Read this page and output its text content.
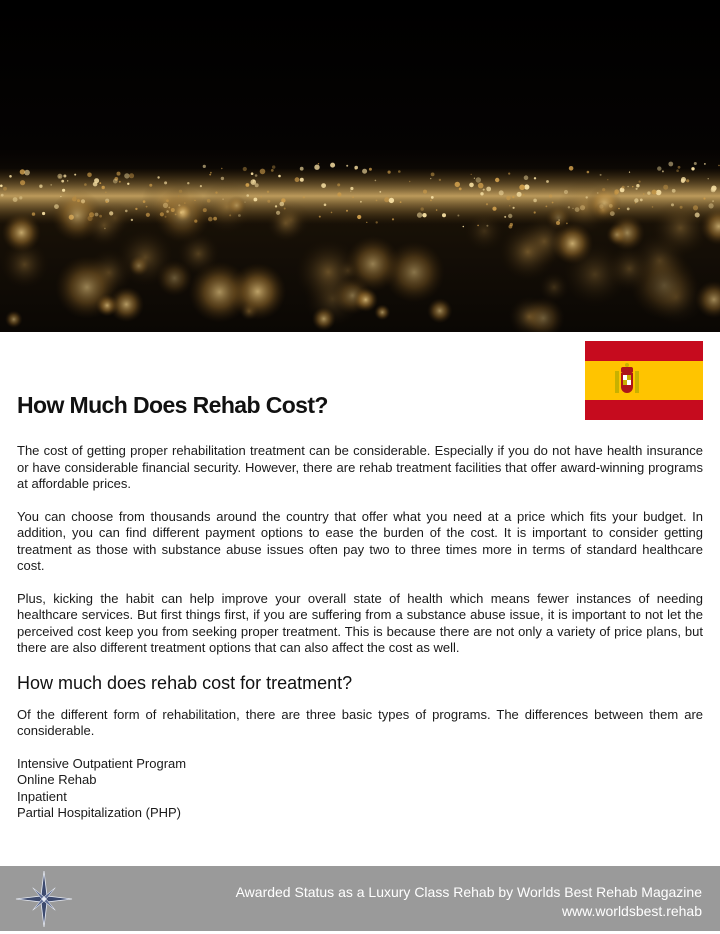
How Much Does Rehab Cost?

The cost of getting proper rehabilitation treatment can be considerable. Especially if you do not have health insurance or have considerable financial security. However, there are rehab treatment facilities that offer award-winning programs at affordable prices.

You can choose from thousands around the country that offer what you need at a price which fits your budget. In addition, you can find different payment options to ease the burden of the cost. It is important to consider getting treatment as those with substance abuse issues often pay two to three times more in terms of standard healthcare cost.

Plus, kicking the habit can help improve your overall state of health which means fewer instances of needing healthcare services. But first things first, if you are suffering from a substance abuse issue, it is important to not let the perceived cost keep you from seeking proper treatment. This is because there are not only a variety of price plans, but there are also different treatment options that can also affect the cost as well.

How much does rehab cost for treatment?

Of the different form of rehabilitation, there are three basic types of programs. The differences between them are considerable.

Intensive Outpatient Program
Online Rehab
Inpatient
Partial Hospitalization (PHP)
Awarded Status as a Luxury Class Rehab by Worlds Best Rehab Magazine
www.worldsbest.rehab
